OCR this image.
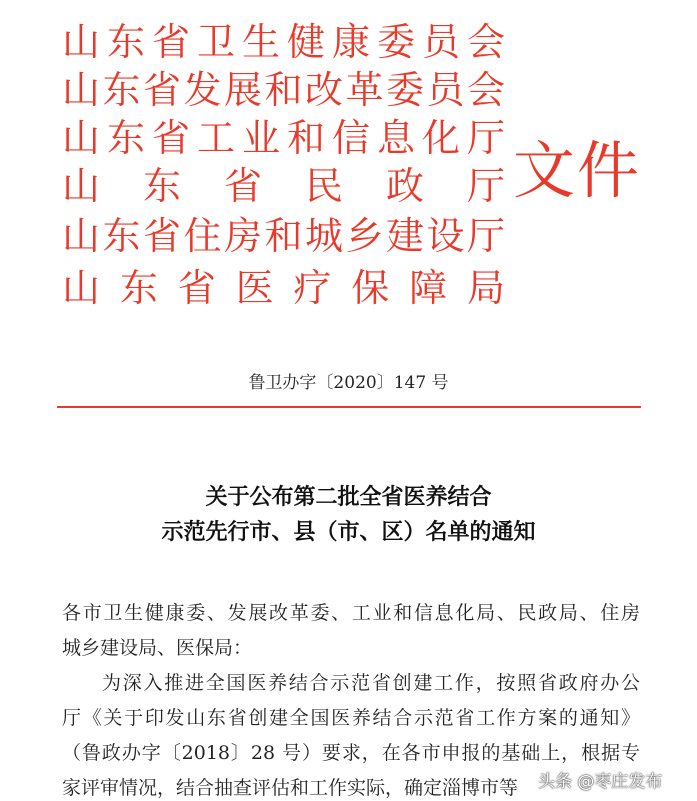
山东省卫生健康委员会
山东省发展和改革委员会
山东省工业和信息化厅
山东省民政厅
山东省住房和城乡建设厅
山东省医疗保障局
文件
鲁卫办字〔2020〕147 号
关于公布第二批全省医养结合
示范先行市、县（市、区）名单的通知
各市卫生健康委、发展改革委、工业和信息化局、民政局、住房
城乡建设局、医保局：
为深入推进全国医养结合示范省创建工作，按照省政府办公
厅《关于印发山东省创建全国医养结合示范省工作方案的通知》
（鲁政办字〔2018〕28 号）要求，在各市申报的基础上，根据专
家评审情况，结合抽查评估和工作实际，确定淄博市等	头条 @枣庄发布
